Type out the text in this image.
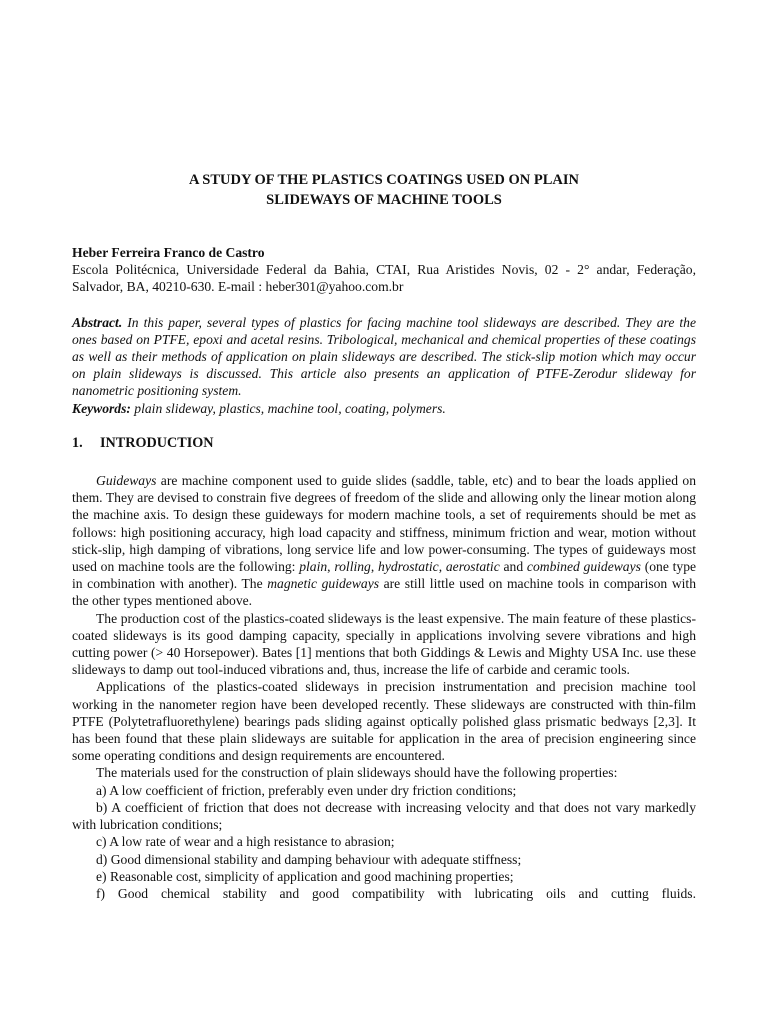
A STUDY OF THE PLASTICS COATINGS USED ON PLAIN
SLIDEWAYS OF MACHINE TOOLS

Heber Ferreira Franco de Castro

Escola Politécnica, Universidade Federal da Bahia, CTAI, Rua Aristides Novis, 02 - 2° andar, Federação, Salvador, BA, 40210-630. E-mail : heber301@yahoo.com.br

Abstract. In this paper, several types of plastics for facing machine tool slideways are described. They are the ones based on PTFE, epoxi and acetal resins. Tribological, mechanical and chemical properties of these coatings as well as their methods of application on plain slideways are described. The stick-slip motion which may occur on plain slideways is discussed. This article also presents an application of PTFE-Zerodur slideway for nanometric positioning system.

Keywords: plain slideway, plastics, machine tool, coating, polymers.

1. INTRODUCTION

Guideways are machine component used to guide slides (saddle, table, etc) and to bear the loads applied on them. They are devised to constrain five degrees of freedom of the slide and allowing only the linear motion along the machine axis. To design these guideways for modern machine tools, a set of requirements should be met as follows: high positioning accuracy, high load capacity and stiffness, minimum friction and wear, motion without stick-slip, high damping of vibrations, long service life and low power-consuming. The types of guideways most used on machine tools are the following: plain, rolling, hydrostatic, aerostatic and combined guideways (one type in combination with another). The magnetic guideways are still little used on machine tools in comparison with the other types mentioned above.

The production cost of the plastics-coated slideways is the least expensive. The main feature of these plastics-coated slideways is its good damping capacity, specially in applications involving severe vibrations and high cutting power (> 40 Horsepower). Bates [1] mentions that both Giddings & Lewis and Mighty USA Inc. use these slideways to damp out tool-induced vibrations and, thus, increase the life of carbide and ceramic tools.

Applications of the plastics-coated slideways in precision instrumentation and precision machine tool working in the nanometer region have been developed recently. These slideways are constructed with thin-film PTFE (Polytetrafluorethylene) bearings pads sliding against optically polished glass prismatic bedways [2,3]. It has been found that these plain slideways are suitable for application in the area of precision engineering since some operating conditions and design requirements are encountered.

The materials used for the construction of plain slideways should have the following properties:

a) A low coefficient of friction, preferably even under dry friction conditions;

b) A coefficient of friction that does not decrease with increasing velocity and that does not vary markedly with lubrication conditions;

c) A low rate of wear and a high resistance to abrasion;

d) Good dimensional stability and damping behaviour with adequate stiffness;

e) Reasonable cost, simplicity of application and good machining properties;

f) Good chemical stability and good compatibility with lubricating oils and cutting fluids.
